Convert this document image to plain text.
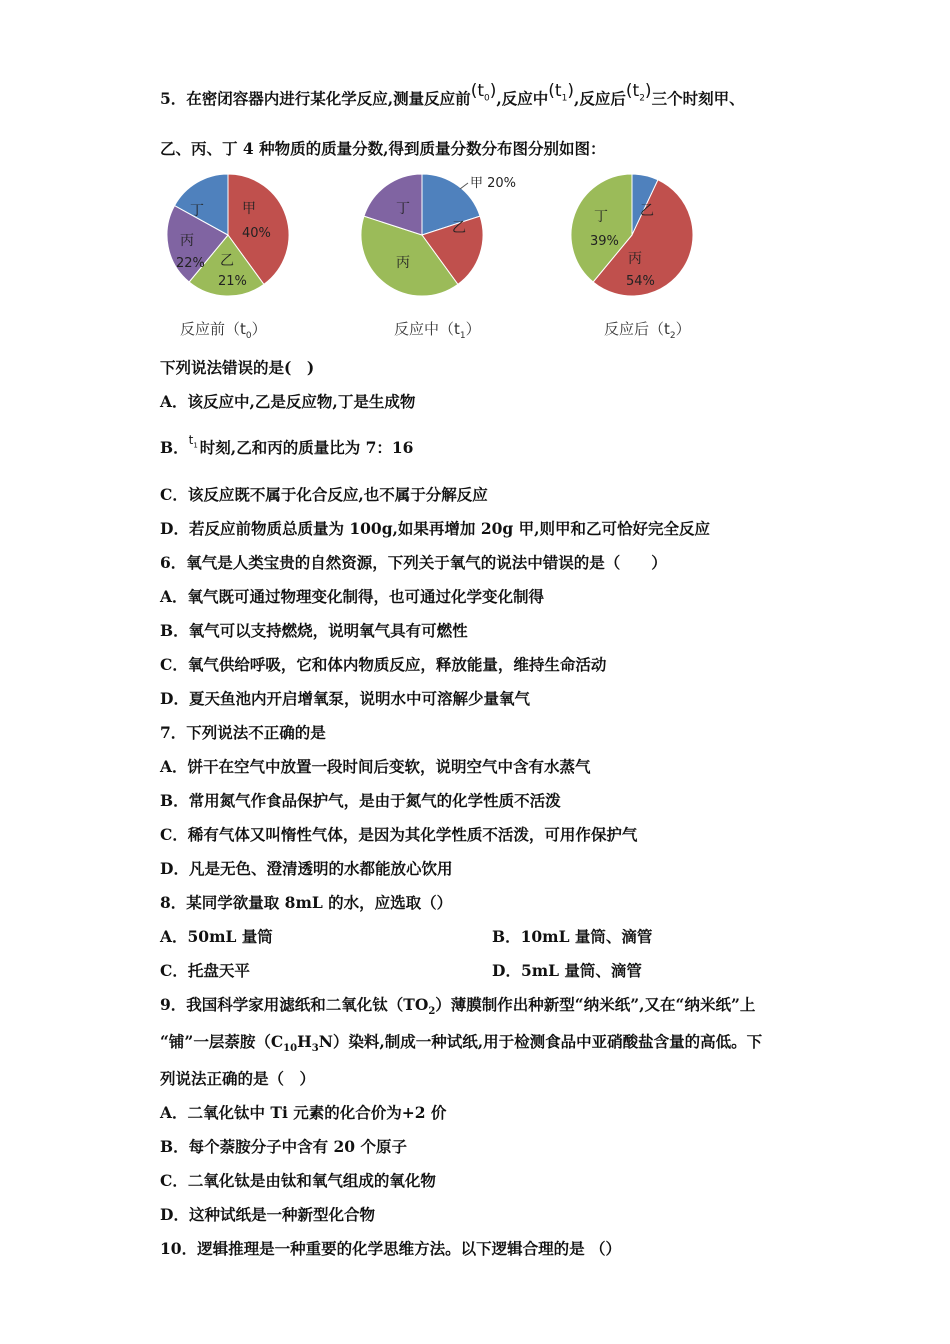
5．在密闭容器内进行某化学反应,测量反应前$(t_0)$,反应中$(t_1)$,反应后$(t_2)$三个时刻甲、
乙、丙、丁 4 种物质的质量分数,得到质量分数分布图分别如图：
甲
40%
乙
21%
丙
22%
丁
乙
丙
丁
甲 20%
乙
丙
54%
丁
39%
反应前$(t_0)$	反应中$(t_1)$	反应后$(t_2)$
下列说法错误的是(　)
A．该反应中,乙是反应物,丁是生成物
B．$^{t_1}$ 时刻,乙和丙的质量比为 7：16
C．该反应既不属于化合反应,也不属于分解反应
D．若反应前物质总质量为 100g,如果再增加 20g 甲,则甲和乙可恰好完全反应
6．氧气是人类宝贵的自然资源，下列关于氧气的说法中错误的是（　　）
A．氧气既可通过物理变化制得，也可通过化学变化制得
B．氧气可以支持燃烧，说明氧气具有可燃性
C．氧气供给呼吸，它和体内物质反应，释放能量，维持生命活动
D．夏天鱼池内开启增氧泵，说明水中可溶解少量氧气
7．下列说法不正确的是
A．饼干在空气中放置一段时间后变软，说明空气中含有水蒸气
B．常用氮气作食品保护气，是由于氮气的化学性质不活泼
C．稀有气体又叫惰性气体，是因为其化学性质不活泼，可用作保护气
D．凡是无色、澄清透明的水都能放心饮用
8．某同学欲量取 8mL 的水，应选取（）
A．50mL 量筒	B．10mL 量筒、滴管
C．托盘天平	D．5mL 量筒、滴管
9．我国科学家用滤纸和二氧化钛$(TO_2)$薄膜制作出种新型“纳米纸”,又在“纳米纸”上
“铺”一层萘胺$(C_{10}H_3N)$染料,制成一种试纸,用于检测食品中亚硝酸盐含量的高低。下
列说法正确的是（　）
A．二氧化钛中 Ti 元素的化合价为+2 价
B．每个萘胺分子中含有 20 个原子
C．二氧化钛是由钛和氧气组成的氧化物
D．这种试纸是一种新型化合物
10．逻辑推理是一种重要的化学思维方法。以下逻辑合理的是 （）
